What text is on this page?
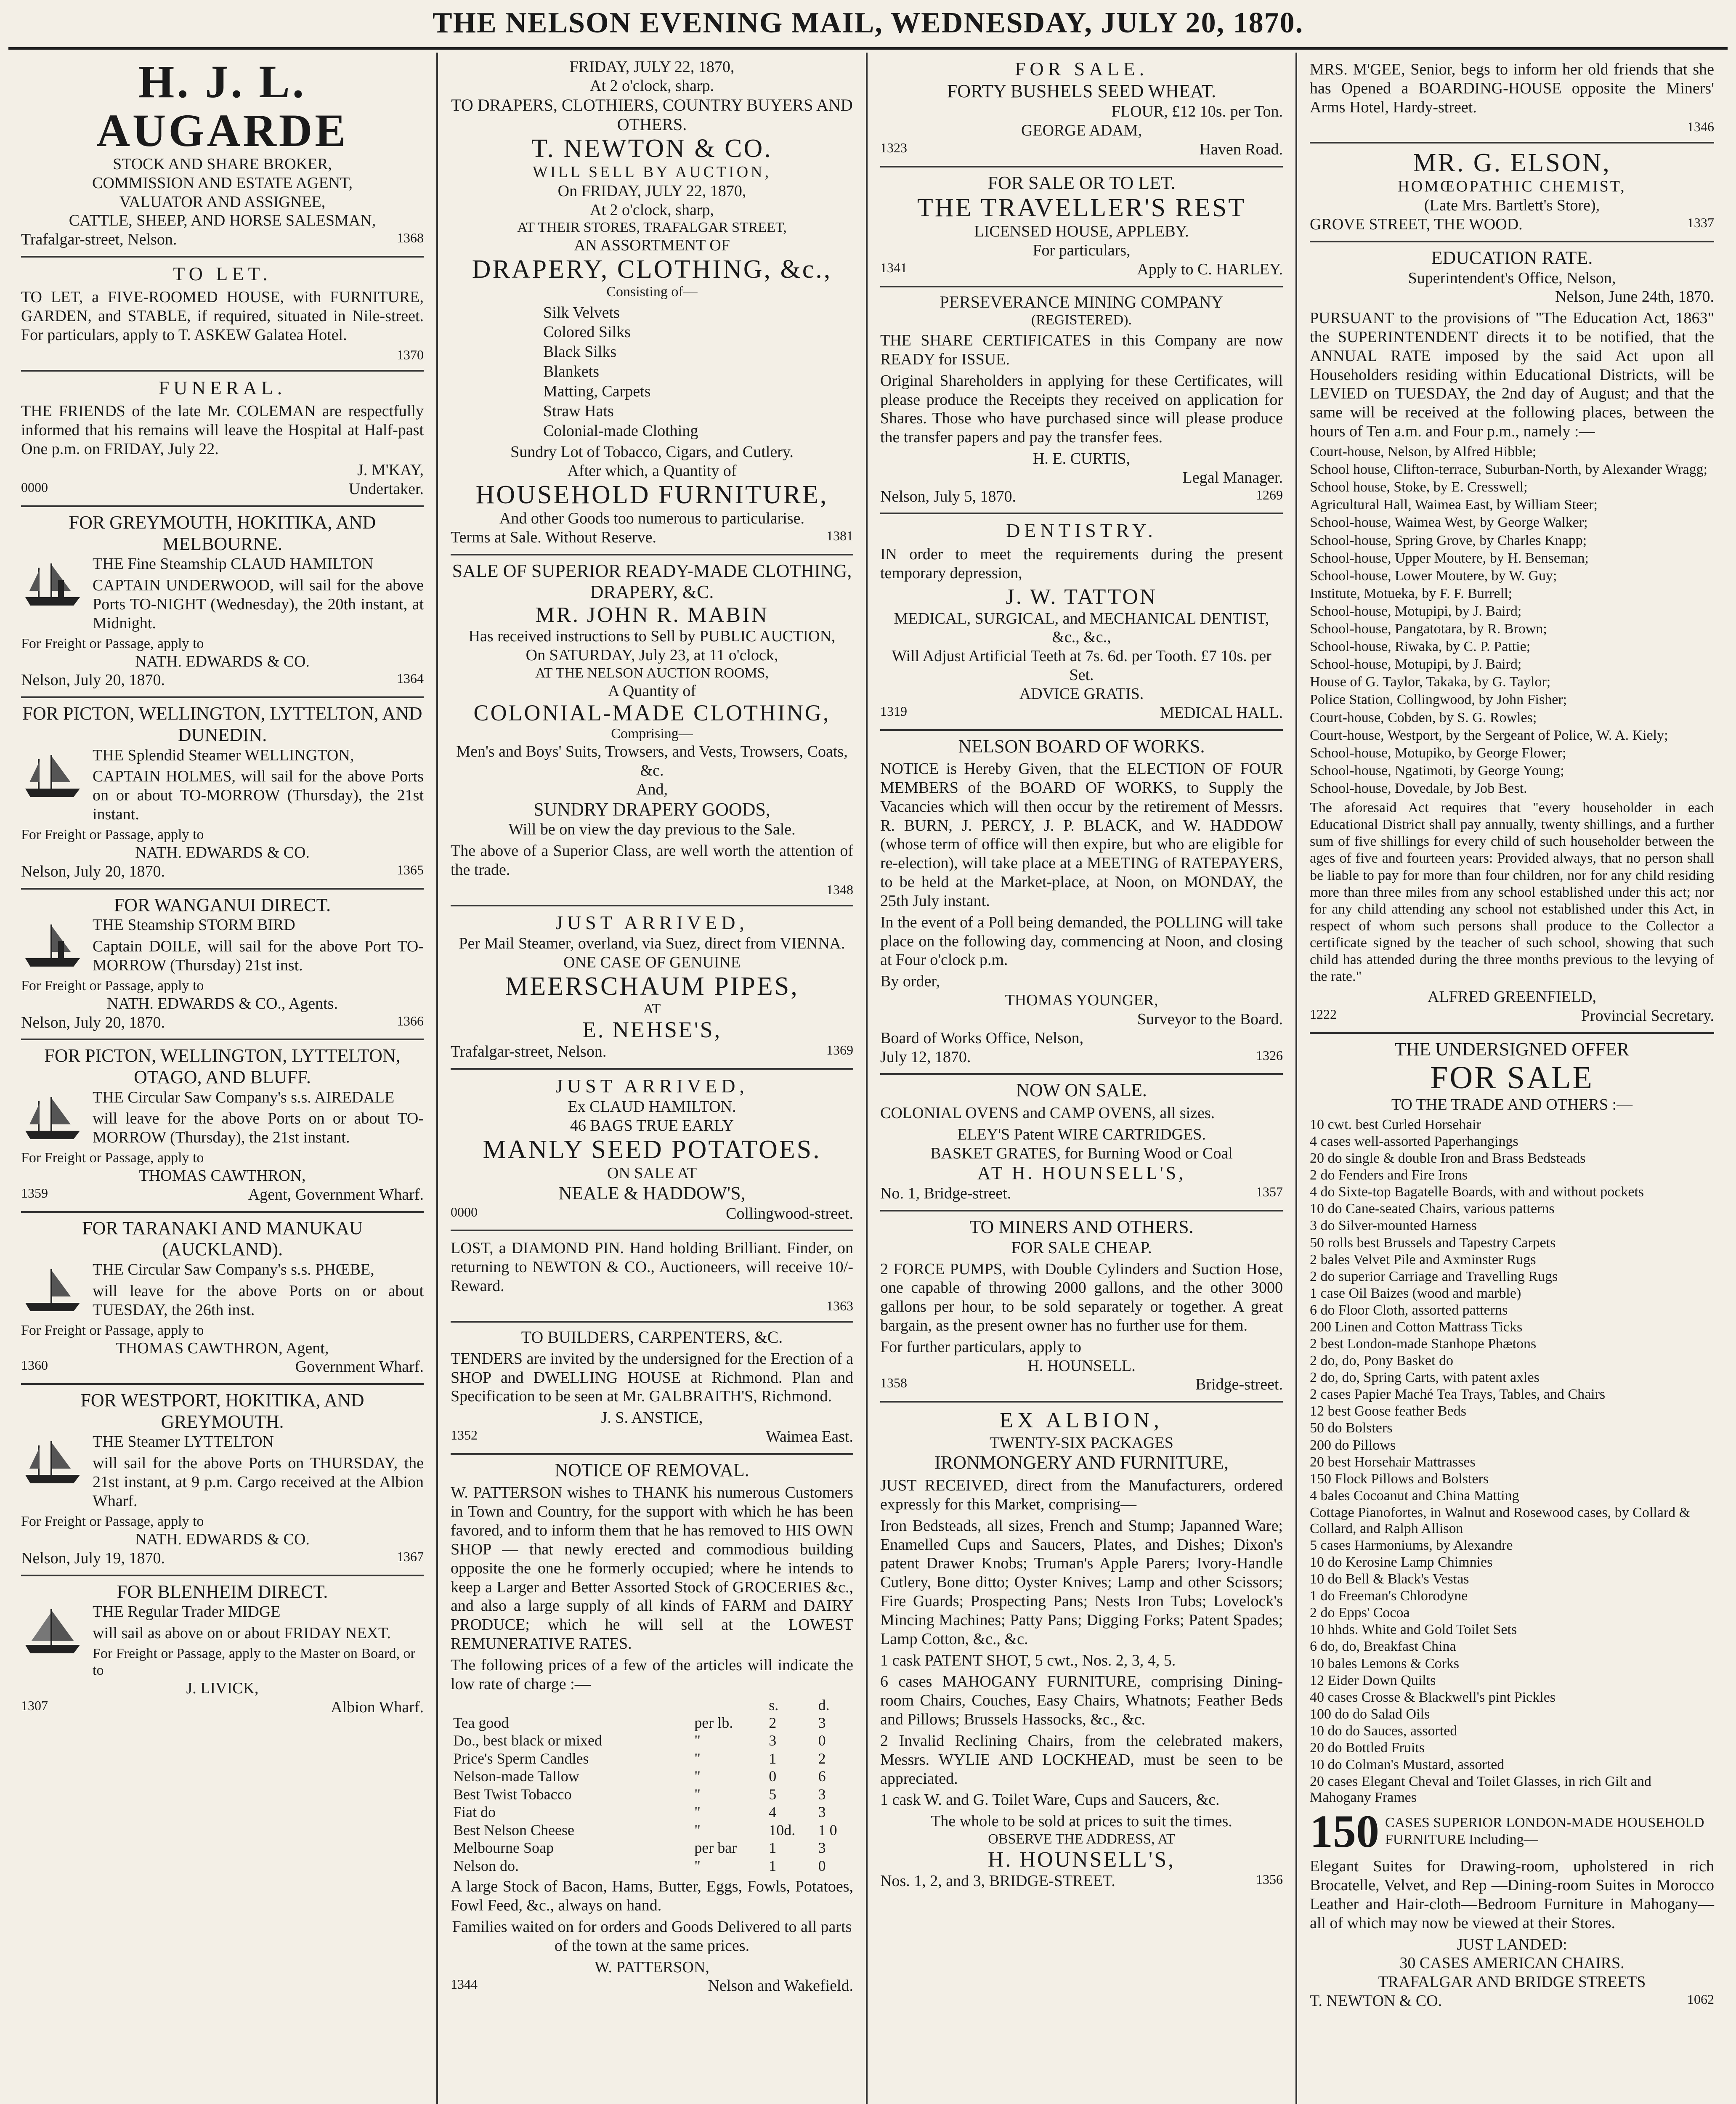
THE NELSON EVENING MAIL, WEDNESDAY, JULY 20, 1870.
H. J. L. AUGARDE
STOCK AND SHARE BROKER,
COMMISSION AND ESTATE AGENT,
VALUATOR AND ASSIGNEE,
CATTLE, SHEEP, AND HORSE SALESMAN,
Trafalgar-street, Nelson.	1368
TO LET.

TO LET, a FIVE-ROOMED HOUSE, with FURNITURE, GARDEN, and STABLE, if required, situated in Nile-street. For particulars, apply to T. ASKEW Galatea Hotel.

1370
FUNERAL.

THE FRIENDS of the late Mr. COLEMAN are respectfully informed that his remains will leave the Hospital at Half-past One p.m. on FRIDAY, July 22.

J. M'KAY,
0000	Undertaker.
FOR GREYMOUTH, HOKITIKA, AND MELBOURNE.
THE Fine Steamship CLAUD HAMILTON

CAPTAIN UNDERWOOD, will sail for the above Ports TO-NIGHT (Wednesday), the 20th instant, at Midnight.

For Freight or Passage, apply to
NATH. EDWARDS & CO.
Nelson, July 20, 1870.	1364
FOR PICTON, WELLINGTON, LYTTELTON, AND DUNEDIN.
THE Splendid Steamer WELLINGTON,

CAPTAIN HOLMES, will sail for the above Ports on or about TO-MORROW (Thursday), the 21st instant.

For Freight or Passage, apply to
NATH. EDWARDS & CO.
Nelson, July 20, 1870.	1365
FOR WANGANUI DIRECT.
THE Steamship STORM BIRD

Captain DOILE, will sail for the above Port TO-MORROW (Thursday) 21st inst.

For Freight or Passage, apply to
NATH. EDWARDS & CO., Agents.
Nelson, July 20, 1870.	1366
FOR PICTON, WELLINGTON, LYTTELTON, OTAGO, AND BLUFF.
THE Circular Saw Company's s.s. AIREDALE

will leave for the above Ports on or about TO-MORROW (Thursday), the 21st instant.

For Freight or Passage, apply to
THOMAS CAWTHRON,
1359	Agent, Government Wharf.
FOR TARANAKI AND MANUKAU (AUCKLAND).
THE Circular Saw Company's s.s. PHŒBE,

will leave for the above Ports on or about TUESDAY, the 26th inst.

For Freight or Passage, apply to
THOMAS CAWTHRON, Agent,
1360	Government Wharf.
FOR WESTPORT, HOKITIKA, AND GREYMOUTH.
THE Steamer LYTTELTON

will sail for the above Ports on THURSDAY, the 21st instant, at 9 p.m. Cargo received at the Albion Wharf.

For Freight or Passage, apply to
NATH. EDWARDS & CO.
Nelson, July 19, 1870.	1367
FOR BLENHEIM DIRECT.
THE Regular Trader MIDGE

will sail as above on or about FRIDAY NEXT.

For Freight or Passage, apply to the Master on Board, or to
J. LIVICK,
1307	Albion Wharf.
FRIDAY, JULY 22, 1870,
At 2 o'clock, sharp.
TO DRAPERS, CLOTHIERS, COUNTRY BUYERS AND OTHERS.
T. NEWTON & CO.
WILL SELL BY AUCTION,
On FRIDAY, JULY 22, 1870,
At 2 o'clock, sharp,
AT THEIR STORES, TRAFALGAR STREET,
AN ASSORTMENT OF
DRAPERY, CLOTHING, &c.,
Consisting of—
Silk Velvets
Colored Silks
Black Silks
Blankets
Matting, Carpets
Straw Hats
Colonial-made Clothing
Sundry Lot of Tobacco, Cigars, and Cutlery.
After which, a Quantity of
HOUSEHOLD FURNITURE,
And other Goods too numerous to particularise.
Terms at Sale. Without Reserve.	1381
SALE OF SUPERIOR READY-MADE CLOTHING, DRAPERY, &C.
MR. JOHN R. MABIN
Has received instructions to Sell by PUBLIC AUCTION,
On SATURDAY, July 23, at 11 o'clock,
AT THE NELSON AUCTION ROOMS,
A Quantity of
COLONIAL-MADE CLOTHING,
Comprising—
Men's and Boys' Suits, Trowsers, and Vests, Trowsers, Coats, &c.
And,
SUNDRY DRAPERY GOODS,
Will be on view the day previous to the Sale.

The above of a Superior Class, are well worth the attention of the trade.

1348
JUST ARRIVED,
Per Mail Steamer, overland, via Suez, direct from VIENNA.
ONE CASE OF GENUINE
MEERSCHAUM PIPES,
AT
E. NEHSE'S,
Trafalgar-street, Nelson.	1369
JUST ARRIVED,
Ex CLAUD HAMILTON.
46 BAGS TRUE EARLY
MANLY SEED POTATOES.
ON SALE AT
NEALE & HADDOW'S,
0000	Collingwood-street.

LOST, a DIAMOND PIN. Hand holding Brilliant. Finder, on returning to NEWTON & CO., Auctioneers, will receive 10/- Reward.

1363
TO BUILDERS, CARPENTERS, &C.

TENDERS are invited by the undersigned for the Erection of a SHOP and DWELLING HOUSE at Richmond. Plan and Specification to be seen at Mr. GALBRAITH'S, Richmond.

J. S. ANSTICE,
1352	Waimea East.
NOTICE OF REMOVAL.

W. PATTERSON wishes to THANK his numerous Customers in Town and Country, for the support with which he has been favored, and to inform them that he has removed to HIS OWN SHOP — that newly erected and commodious building opposite the one he formerly occupied; where he intends to keep a Larger and Better Assorted Stock of GROCERIES &c., and also a large supply of all kinds of FARM and DAIRY PRODUCE; which he will sell at the LOWEST REMUNERATIVE RATES.

The following prices of a few of the articles will indicate the low rate of charge :—

		s.	d.
Tea good	per lb.	2	3
Do., best black or mixed	"	3	0
Price's Sperm Candles	"	1	2
Nelson-made Tallow	"	0	6
Best Twist Tobacco	"	5	3
Fiat do	"	4	3
Best Nelson Cheese	"	10d.	1 0
Melbourne Soap	per bar	1	3
Nelson do.	"	1	0

A large Stock of Bacon, Hams, Butter, Eggs, Fowls, Potatoes, Fowl Feed, &c., always on hand.

Families waited on for orders and Goods Delivered to all parts of the town at the same prices.

W. PATTERSON,
1344	Nelson and Wakefield.
FOR SALE.
FORTY BUSHELS SEED WHEAT.
FLOUR, £12 10s. per Ton.
GEORGE ADAM,
1323	Haven Road.
FOR SALE OR TO LET.
THE TRAVELLER'S REST
LICENSED HOUSE, APPLEBY.
For particulars,
1341	Apply to C. HARLEY.
PERSEVERANCE MINING COMPANY
(REGISTERED).

THE SHARE CERTIFICATES in this Company are now READY for ISSUE.

Original Shareholders in applying for these Certificates, will please produce the Receipts they received on application for Shares. Those who have purchased since will please produce the transfer papers and pay the transfer fees.

H. E. CURTIS,
Legal Manager.
Nelson, July 5, 1870.	1269
DENTISTRY.

IN order to meet the requirements during the present temporary depression,

J. W. TATTON
MEDICAL, SURGICAL, and MECHANICAL DENTIST, &c., &c.,
Will Adjust Artificial Teeth at 7s. 6d. per Tooth. £7 10s. per Set.
ADVICE GRATIS.
1319	MEDICAL HALL.
NELSON BOARD OF WORKS.

NOTICE is Hereby Given, that the ELECTION OF FOUR MEMBERS of the BOARD OF WORKS, to Supply the Vacancies which will then occur by the retirement of Messrs. R. BURN, J. PERCY, J. P. BLACK, and W. HADDOW (whose term of office will then expire, but who are eligible for re-election), will take place at a MEETING of RATEPAYERS, to be held at the Market-place, at Noon, on MONDAY, the 25th July instant.

In the event of a Poll being demanded, the POLLING will take place on the following day, commencing at Noon, and closing at Four o'clock p.m.

By order,
THOMAS YOUNGER,
Surveyor to the Board.
Board of Works Office, Nelson,
July 12, 1870.	1326
NOW ON SALE.

COLONIAL OVENS and CAMP OVENS, all sizes.

ELEY'S Patent WIRE CARTRIDGES.
BASKET GRATES, for Burning Wood or Coal
AT H. HOUNSELL'S,
No. 1, Bridge-street.	1357
TO MINERS AND OTHERS.
FOR SALE CHEAP.

2 FORCE PUMPS, with Double Cylinders and Suction Hose, one capable of throwing 2000 gallons, and the other 3000 gallons per hour, to be sold separately or together. A great bargain, as the present owner has no further use for them.

For further particulars, apply to
H. HOUNSELL.
1358	Bridge-street.
EX ALBION,
TWENTY-SIX PACKAGES
IRONMONGERY AND FURNITURE,

JUST RECEIVED, direct from the Manufacturers, ordered expressly for this Market, comprising—

Iron Bedsteads, all sizes, French and Stump; Japanned Ware; Enamelled Cups and Saucers, Plates, and Dishes; Dixon's patent Drawer Knobs; Truman's Apple Parers; Ivory-Handle Cutlery, Bone ditto; Oyster Knives; Lamp and other Scissors; Fire Guards; Prospecting Pans; Nests Iron Tubs; Lovelock's Mincing Machines; Patty Pans; Digging Forks; Patent Spades; Lamp Cotton, &c., &c.

1 cask PATENT SHOT, 5 cwt., Nos. 2, 3, 4, 5.

6 cases MAHOGANY FURNITURE, comprising Dining-room Chairs, Couches, Easy Chairs, Whatnots; Feather Beds and Pillows; Brussels Hassocks, &c., &c.

2 Invalid Reclining Chairs, from the celebrated makers, Messrs. WYLIE AND LOCKHEAD, must be seen to be appreciated.

1 cask W. and G. Toilet Ware, Cups and Saucers, &c.

The whole to be sold at prices to suit the times.
OBSERVE THE ADDRESS, AT
H. HOUNSELL'S,
Nos. 1, 2, and 3, BRIDGE-STREET.	1356

MRS. M'GEE, Senior, begs to inform her old friends that she has Opened a BOARDING-HOUSE opposite the Miners' Arms Hotel, Hardy-street.

1346
MR. G. ELSON,
HOMŒOPATHIC CHEMIST,
(Late Mrs. Bartlett's Store),
GROVE STREET, THE WOOD.	1337
EDUCATION RATE.
Superintendent's Office, Nelson,
Nelson, June 24th, 1870.

PURSUANT to the provisions of "The Education Act, 1863" the SUPERINTENDENT directs it to be notified, that the ANNUAL RATE imposed by the said Act upon all Householders residing within Educational Districts, will be LEVIED on TUESDAY, the 2nd day of August; and that the same will be received at the following places, between the hours of Ten a.m. and Four p.m., namely :—

Court-house, Nelson, by Alfred Hibble;
School house, Clifton-terrace, Suburban-North, by Alexander Wragg;
School house, Stoke, by E. Cresswell;
Agricultural Hall, Waimea East, by William Steer;
School-house, Waimea West, by George Walker;
School-house, Spring Grove, by Charles Knapp;
School-house, Upper Moutere, by H. Benseman;
School-house, Lower Moutere, by W. Guy;
Institute, Motueka, by F. F. Burrell;
School-house, Motupipi, by J. Baird;
School-house, Pangatotara, by R. Brown;
School-house, Riwaka, by C. P. Pattie;
School-house, Motupipi, by J. Baird;
House of G. Taylor, Takaka, by G. Taylor;
Police Station, Collingwood, by John Fisher;
Court-house, Cobden, by S. G. Rowles;
Court-house, Westport, by the Sergeant of Police, W. A. Kiely;
School-house, Motupiko, by George Flower;
School-house, Ngatimoti, by George Young;
School-house, Dovedale, by Job Best.

The aforesaid Act requires that "every householder in each Educational District shall pay annually, twenty shillings, and a further sum of five shillings for every child of such householder between the ages of five and fourteen years: Provided always, that no person shall be liable to pay for more than four children, nor for any child residing more than three miles from any school established under this act; nor for any child attending any school not established under this Act, in respect of whom such persons shall produce to the Collector a certificate signed by the teacher of such school, showing that such child has attended during the three months previous to the levying of the rate."

ALFRED GREENFIELD,
1222	Provincial Secretary.
THE UNDERSIGNED OFFER
FOR SALE
TO THE TRADE AND OTHERS :—
10 cwt. best Curled Horsehair
4 cases well-assorted Paperhangings
20 do single & double Iron and Brass Bedsteads
2 do Fenders and Fire Irons
4 do Sixte-top Bagatelle Boards, with and without pockets
10 do Cane-seated Chairs, various patterns
3 do Silver-mounted Harness
50 rolls best Brussels and Tapestry Carpets
2 bales Velvet Pile and Axminster Rugs
2 do superior Carriage and Travelling Rugs
1 case Oil Baizes (wood and marble)
6 do Floor Cloth, assorted patterns
200 Linen and Cotton Mattrass Ticks
2 best London-made Stanhope Phætons
2 do, do, Pony Basket do
2 do, do, Spring Carts, with patent axles
2 cases Papier Maché Tea Trays, Tables, and Chairs
12 best Goose feather Beds
50 do Bolsters
200 do Pillows
20 best Horsehair Mattrasses
150 Flock Pillows and Bolsters
4 bales Cocoanut and China Matting
Cottage Pianofortes, in Walnut and Rosewood cases, by Collard & Collard, and Ralph Allison
5 cases Harmoniums, by Alexandre
10 do Kerosine Lamp Chimnies
10 do Bell & Black's Vestas
1 do Freeman's Chlorodyne
2 do Epps' Cocoa
10 hhds. White and Gold Toilet Sets
6 do, do, Breakfast China
10 bales Lemons & Corks
12 Eider Down Quilts
40 cases Crosse & Blackwell's pint Pickles
100 do do Salad Oils
10 do do Sauces, assorted
20 do Bottled Fruits
10 do Colman's Mustard, assorted
20 cases Elegant Cheval and Toilet Glasses, in rich Gilt and Mahogany Frames
150 CASES SUPERIOR LONDON-MADE HOUSEHOLD FURNITURE Including—

Elegant Suites for Drawing-room, upholstered in rich Brocatelle, Velvet, and Rep —Dining-room Suites in Morocco Leather and Hair-cloth—Bedroom Furniture in Mahogany—all of which may now be viewed at their Stores.

JUST LANDED:
30 CASES AMERICAN CHAIRS.
TRAFALGAR AND BRIDGE STREETS
T. NEWTON & CO.	1062
